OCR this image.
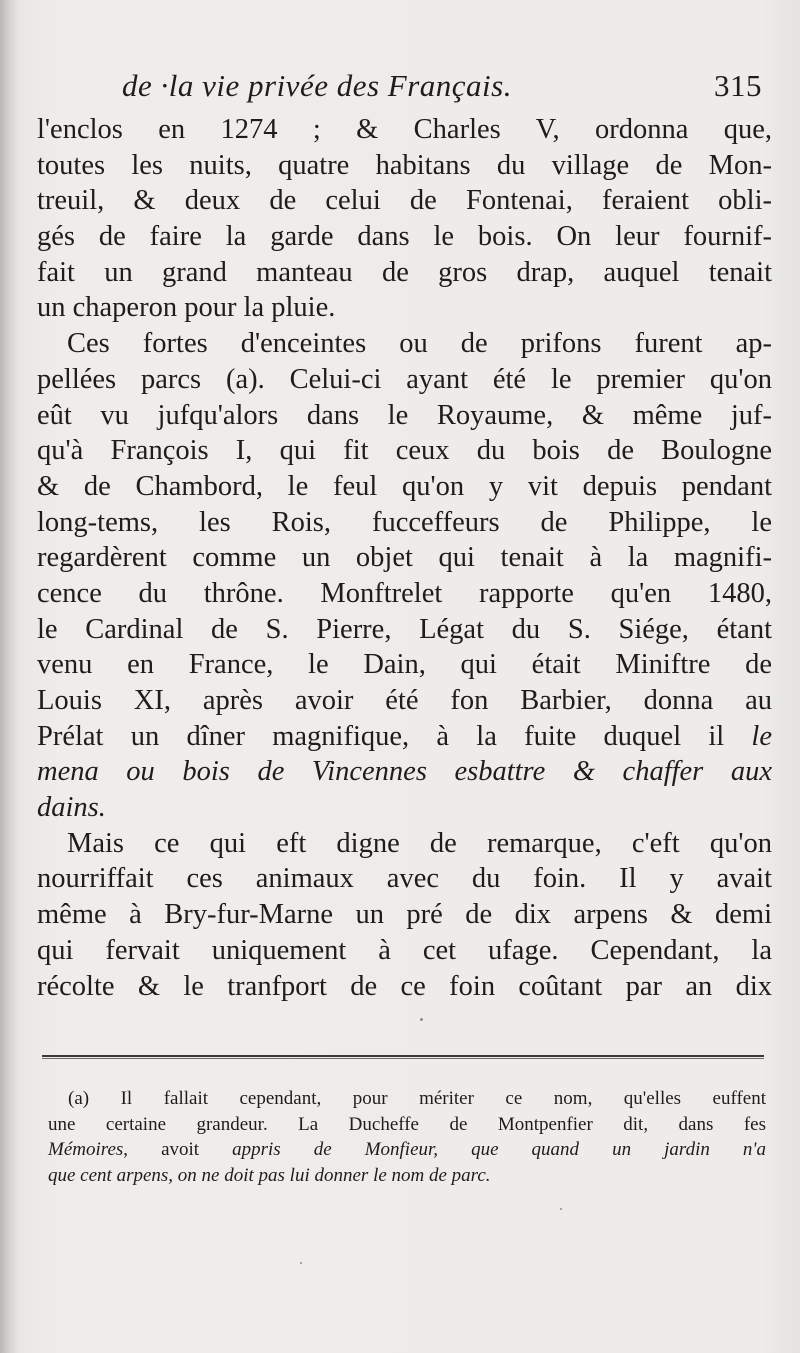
de ·la vie privée des Français.	315
l'enclos en 1274 ; & Charles V, ordonna que,
toutes les nuits, quatre habitans du village de Mon-
treuil, & deux de celui de Fontenai, feraient obli-
gés de faire la garde dans le bois. On leur fournif-
fait un grand manteau de gros drap, auquel tenait
un chaperon pour la pluie.
Ces fortes d'enceintes ou de prifons furent ap-
pellées parcs (a). Celui-ci ayant été le premier qu'on
eût vu jufqu'alors dans le Royaume, & même juf-
qu'à François I, qui fit ceux du bois de Boulogne
& de Chambord, le feul qu'on y vit depuis pendant
long-tems, les Rois, fucceffeurs de Philippe, le
regardèrent comme un objet qui tenait à la magnifi-
cence du thrône. Monftrelet rapporte qu'en 1480,
le Cardinal de S. Pierre, Légat du S. Siége, étant
venu en France, le Dain, qui était Miniftre de
Louis XI, après avoir été fon Barbier, donna au
Prélat un dîner magnifique, à la fuite duquel il le
mena ou bois de Vincennes esbattre & chaffer aux
dains.
Mais ce qui eft digne de remarque, c'eft qu'on
nourriffait ces animaux avec du foin. Il y avait
même à Bry-fur-Marne un pré de dix arpens & demi
qui fervait uniquement à cet ufage. Cependant, la
récolte & le tranfport de ce foin coûtant par an dix
(a) Il fallait cependant, pour mériter ce nom, qu'elles euffent
une certaine grandeur. La Ducheffe de Montpenfier dit, dans fes
Mémoires, avoit appris de Monfieur, que quand un jardin n'a
que cent arpens, on ne doit pas lui donner le nom de parc.
